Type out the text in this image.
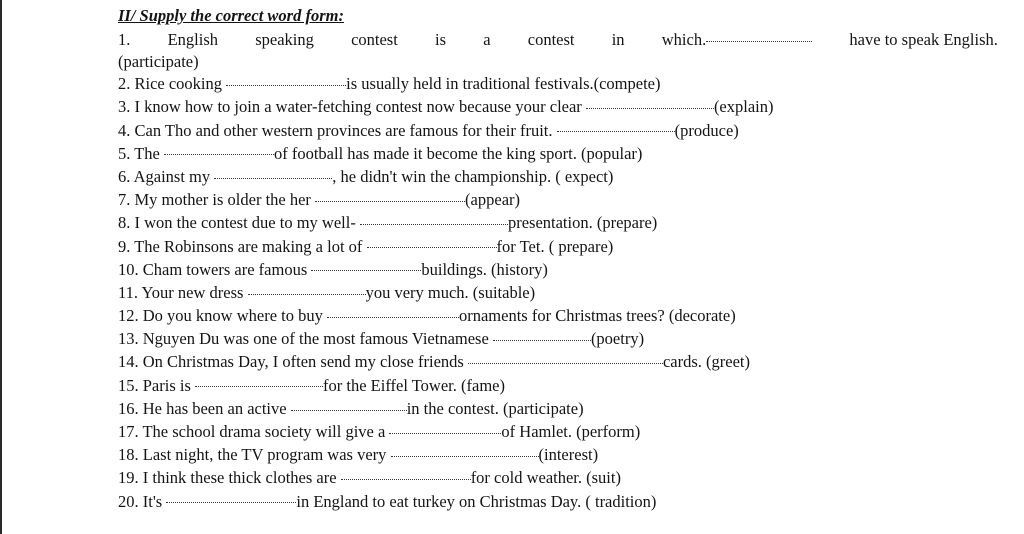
II/ Supply the correct word form:
1. English speaking contest is a contest in which.	have to speak English.
(participate)
2. Rice cooking	is usually held in traditional festivals.(compete)
3. I know how to join a water-fetching contest now because your clear	(explain)
4. Can Tho and other western provinces are famous for their fruit.	(produce)
5. The	of football has made it become the king sport. (popular)
6. Against my	, he didn't win the championship. ( expect)
7. My mother is older the her	(appear)
8. I won the contest due to my well-	presentation. (prepare)
9. The Robinsons are making a lot of	for Tet. ( prepare)
10. Cham towers are famous	buildings. (history)
11. Your new dress	you very much. (suitable)
12. Do you know where to buy	ornaments for Christmas trees? (decorate)
13. Nguyen Du was one of the most famous Vietnamese	(poetry)
14. On Christmas Day, I often send my close friends	cards. (greet)
15. Paris is	for the Eiffel Tower. (fame)
16. He has been an active	in the contest. (participate)
17. The school drama society will give a	of Hamlet. (perform)
18. Last night, the TV program was very	(interest)
19. I think these thick clothes are	for cold weather. (suit)
20. It's	in England to eat turkey on Christmas Day. ( tradition)
